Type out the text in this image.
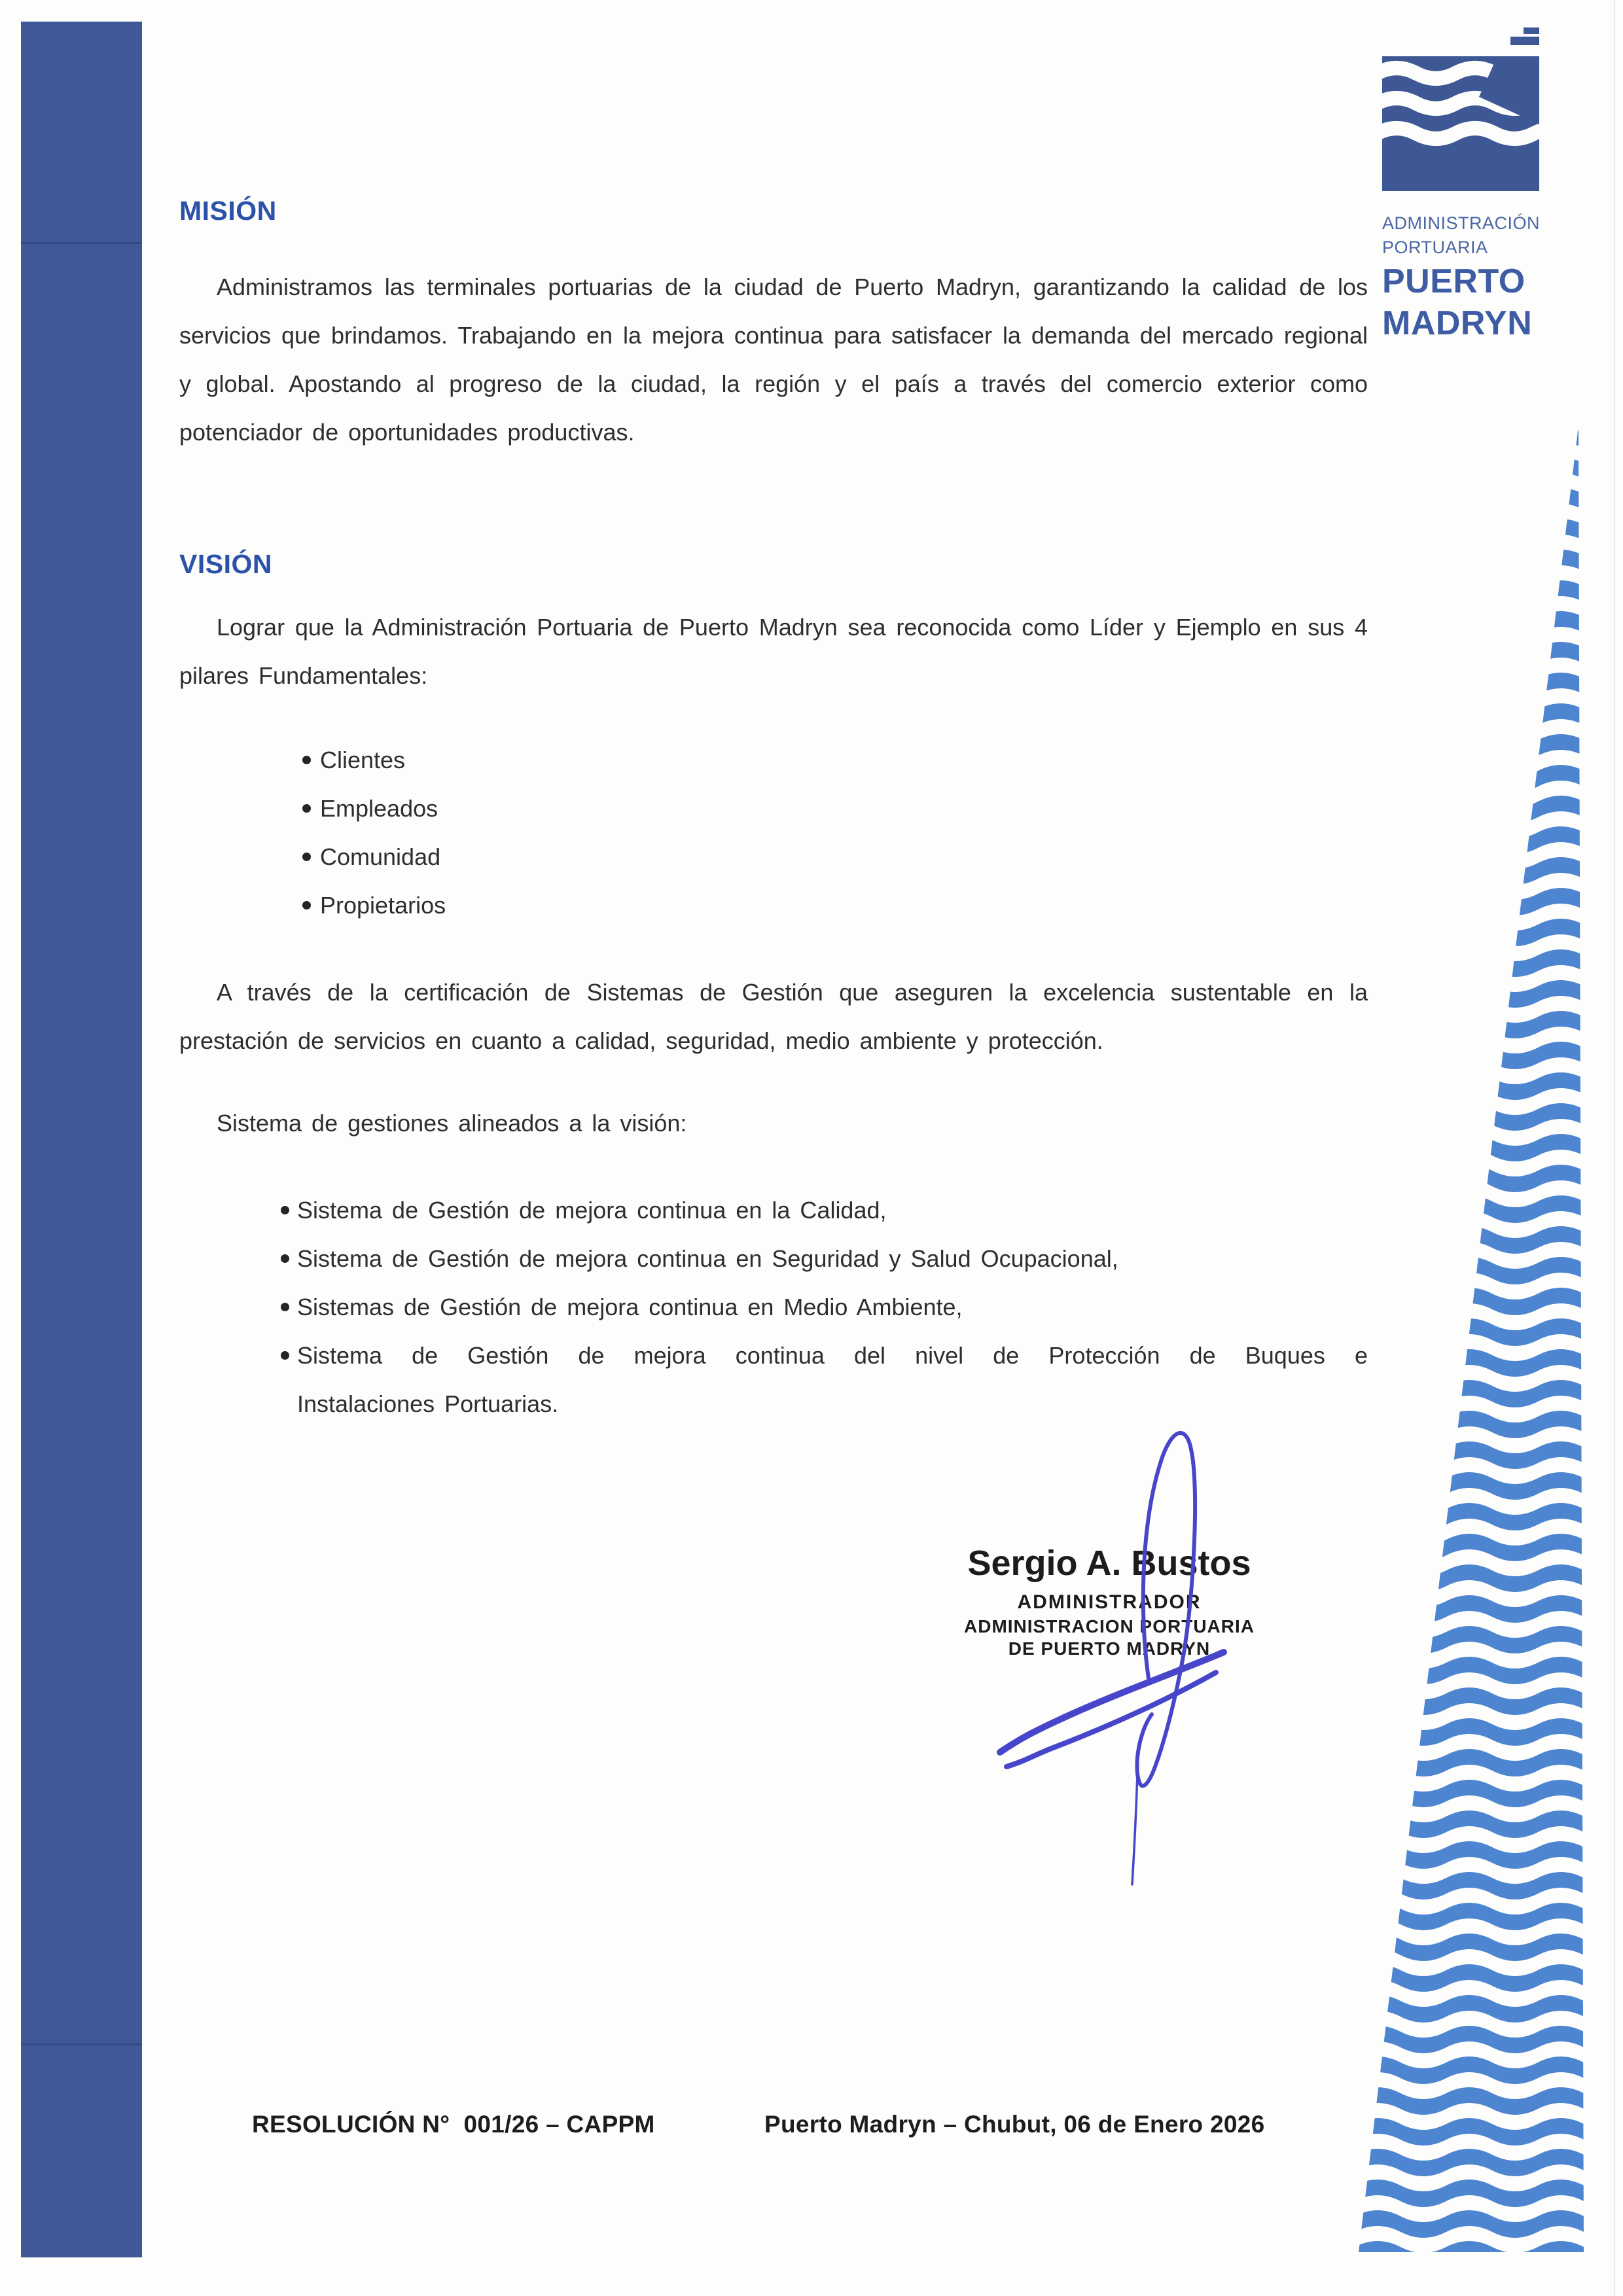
ADMINISTRACIÓN
PORTUARIA
PUERTO
MADRYN
MISIÓN

Administramos las terminales portuarias de la ciudad de Puerto Madryn, garantizando la calidad de los servicios que brindamos. Trabajando en la mejora continua para satisfacer la demanda del mercado regional y global. Apostando al progreso de la ciudad, la región y el país a través del comercio exterior como potenciador de oportunidades productivas.

VISIÓN

Lograr que la Administración Portuaria de Puerto Madryn sea reconocida como Líder y Ejemplo en sus 4 pilares Fundamentales:

Clientes
Empleados
Comunidad
Propietarios

A través de la certificación de Sistemas de Gestión que aseguren la excelencia sustentable en la prestación de servicios en cuanto a calidad, seguridad, medio ambiente y protección.

Sistema de gestiones alineados a la visión:

Sistema de Gestión de mejora continua en la Calidad,
Sistema de Gestión de mejora continua en Seguridad y Salud Ocupacional,
Sistemas de Gestión de mejora continua en Medio Ambiente,
Sistema de Gestión de mejora continua del nivel de Protección de Buques e
Instalaciones Portuarias.
Sergio A. Bustos
ADMINISTRADOR
ADMINISTRACION PORTUARIA
DE PUERTO MADRYN
RESOLUCIÓN N°  001/26 – CAPPM	Puerto Madryn – Chubut, 06 de Enero 2026
